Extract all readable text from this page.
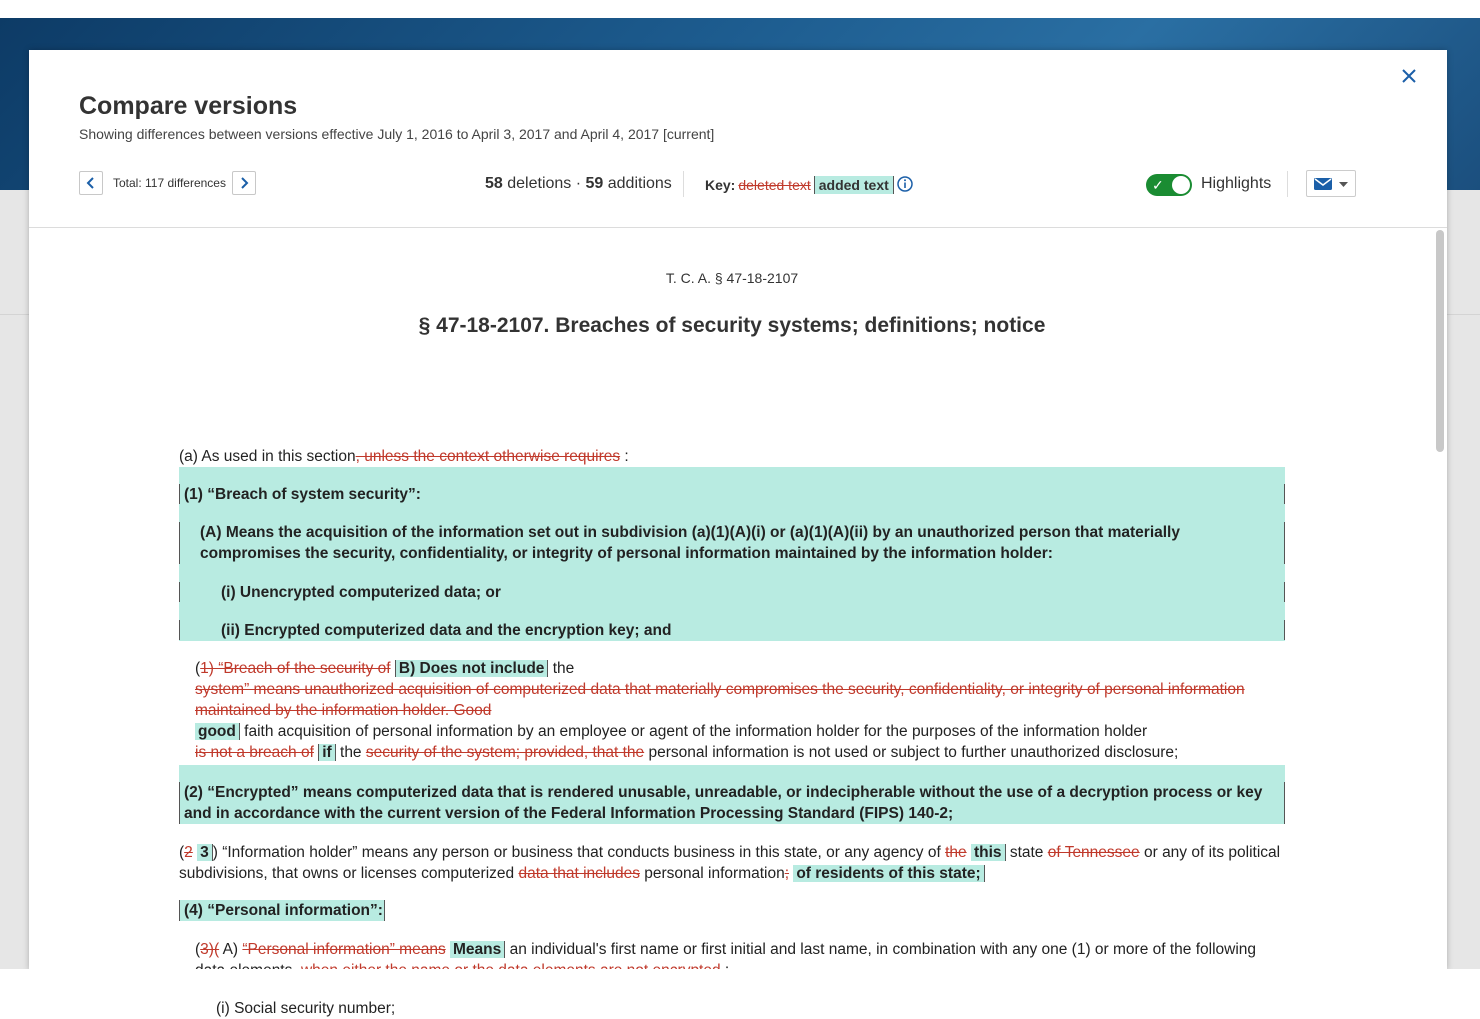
Compare versions
Showing differences between versions effective July 1, 2016 to April 3, 2017 and April 4, 2017 [current]
Total: 117 differences	58 deletions · 59 additions Key: deleted text added text	✓ Highlights
T. C. A. § 47-18-2107
§ 47-18-2107. Breaches of security systems; definitions; notice
(a) As used in this section, unless the context otherwise requires :
(1) “Breach of system security”:
(A) Means the acquisition of the information set out in subdivision (a)(1)(A)(i) or (a)(1)(A)(ii) by an unauthorized person that materially compromises the security, confidentiality, or integrity of personal information maintained by the information holder:
(i) Unencrypted computerized data; or
(ii) Encrypted computerized data and the encryption key; and
(1) “Breach of the security of B) Does not include the
system” means unauthorized acquisition of computerized data that materially compromises the security, confidentiality, or integrity of personal information maintained by the information holder. Good
good faith acquisition of personal information by an employee or agent of the information holder for the purposes of the information holder
is not a breach of if the security of the system; provided, that the personal information is not used or subject to further unauthorized disclosure;
(2) “Encrypted” means computerized data that is rendered unusable, unreadable, or indecipherable without the use of a decryption process or key and in accordance with the current version of the Federal Information Processing Standard (FIPS) 140-2;
(2 3 ) “Information holder” means any person or business that conducts business in this state, or any agency of the this state of Tennessee or any of its political subdivisions, that owns or licenses computerized data that includes personal information; of residents of this state;
(4) “Personal information”:
(3)( A) “Personal information” means Means an individual's first name or first initial and last name, in combination with any one (1) or more of the following
(i) Social security number;
